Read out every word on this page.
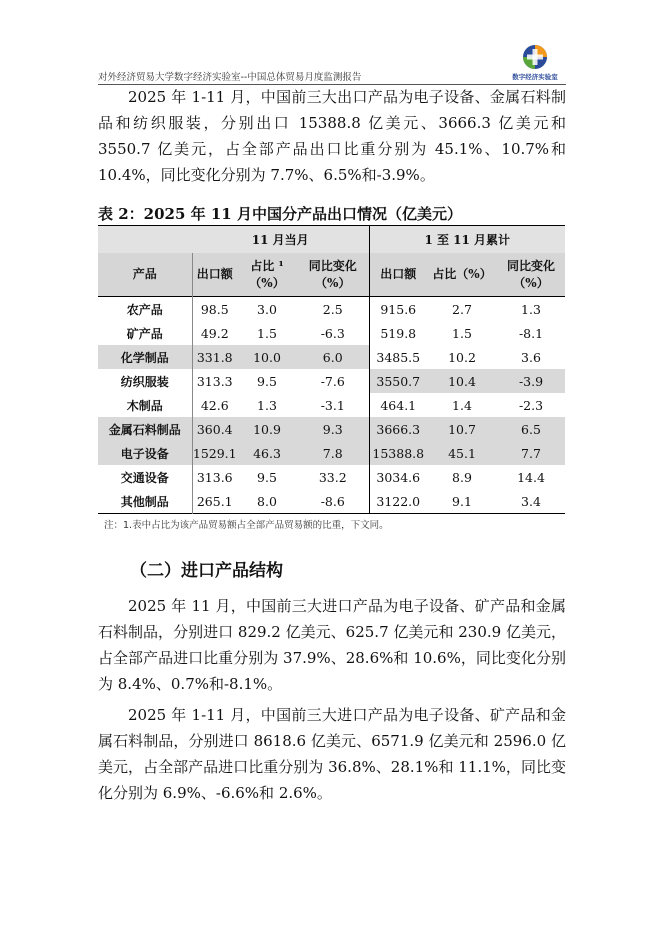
对外经济贸易大学数字经济实验室--中国总体贸易月度监测报告	数字经济实验室

2025 年 1-11 月，中国前三大出口产品为电子设备、金属石料制品和纺织服装，分别出口 15388.8 亿美元、3666.3 亿美元和 3550.7 亿美元，占全部产品出口比重分别为 45.1%、10.7%和 10.4%，同比变化分别为 7.7%、6.5%和-3.9%。

表 2：2025 年 11 月中国分产品出口情况（亿美元）
	11 月当月			1 至 11 月累计		
产品	出口额	占比 ¹（%）	同比变化（%）	出口额	占比（%）	同比变化（%）
农产品	98.5	3.0	2.5	915.6	2.7	1.3
矿产品	49.2	1.5	-6.3	519.8	1.5	-8.1
化学制品	331.8	10.0	6.0	3485.5	10.2	3.6
纺织服装	313.3	9.5	-7.6	3550.7	10.4	-3.9
木制品	42.6	1.3	-3.1	464.1	1.4	-2.3
金属石料制品	360.4	10.9	9.3	3666.3	10.7	6.5
电子设备	1529.1	46.3	7.8	15388.8	45.1	7.7
交通设备	313.6	9.5	33.2	3034.6	8.9	14.4
其他制品	265.1	8.0	-8.6	3122.0	9.1	3.4
注：1.表中占比为该产品贸易额占全部产品贸易额的比重，下文同。
（二）进口产品结构

2025 年 11 月，中国前三大进口产品为电子设备、矿产品和金属石料制品，分别进口 829.2 亿美元、625.7 亿美元和 230.9 亿美元，占全部产品进口比重分别为 37.9%、28.6%和 10.6%，同比变化分别为 8.4%、0.7%和-8.1%。

2025 年 1-11 月，中国前三大进口产品为电子设备、矿产品和金属石料制品，分别进口 8618.6 亿美元、6571.9 亿美元和 2596.0 亿美元，占全部产品进口比重分别为 36.8%、28.1%和 11.1%，同比变化分别为 6.9%、-6.6%和 2.6%。
